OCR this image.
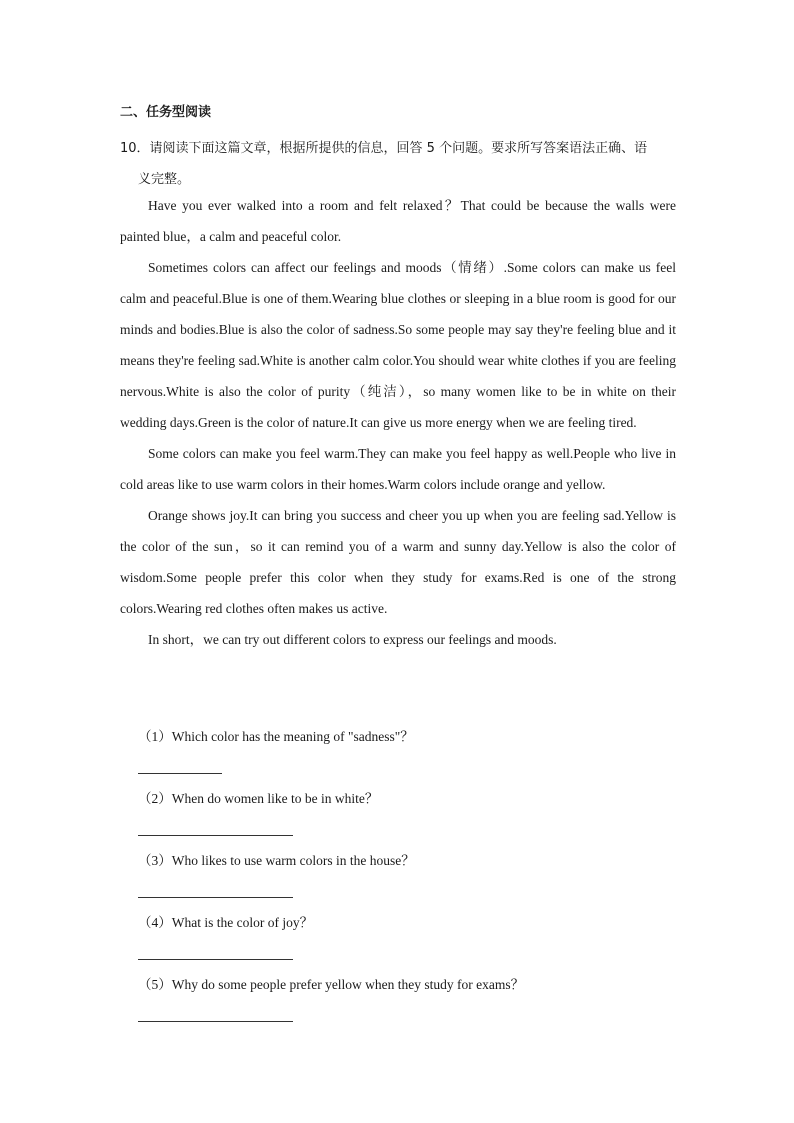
二、任务型阅读
10．请阅读下面这篇文章，根据所提供的信息，回答 5 个问题。要求所写答案语法正确、语
义完整。

Have you ever walked into a room and felt relaxed？That could be because the walls were painted blue，a calm and peaceful color.

Sometimes colors can affect our feelings and moods（情绪）.Some colors can make us feel calm and peaceful.Blue is one of them.Wearing blue clothes or sleeping in a blue room is good for our minds and bodies.Blue is also the color of sadness.So some people may say they're feeling blue and it means they're feeling sad.White is another calm color.You should wear white clothes if you are feeling nervous.White is also the color of purity（纯洁），so many women like to be in white on their wedding days.Green is the color of nature.It can give us more energy when we are feeling tired.

Some colors can make you feel warm.They can make you feel happy as well.People who live in cold areas like to use warm colors in their homes.Warm colors include orange and yellow.

Orange shows joy.It can bring you success and cheer you up when you are feeling sad.Yellow is the color of the sun，so it can remind you of a warm and sunny day.Yellow is also the color of wisdom.Some people prefer this color when they study for exams.Red is one of the strong colors.Wearing red clothes often makes us active.

In short，we can try out different colors to express our feelings and moods.

（1）Which color has the meaning of "sadness"？
（2）When do women like to be in white？
（3）Who likes to use warm colors in the house？
（4）What is the color of joy？
（5）Why do some people prefer yellow when they study for exams？
